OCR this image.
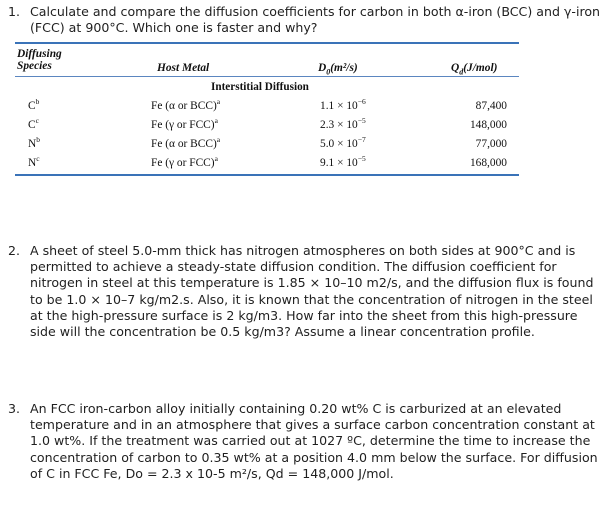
1. Calculate and compare the diffusion coefficients for carbon in both α-iron (BCC) and γ-iron (FCC) at 900°C. Which one is faster and why?
Diffusing
Species	Host Metal	$D_0(m^2/s)$	$Q_d(J/mol)$
Interstitial Diffusion
$C^b$	Fe (α or BCC)$^a$	$1.1 \times 10^{-6}$	87,400
$C^c$	Fe (γ or FCC)$^a$	$2.3 \times 10^{-5}$	148,000
$N^b$	Fe (α or BCC)$^a$	$5.0 \times 10^{-7}$	77,000
$N^c$	Fe (γ or FCC)$^a$	$9.1 \times 10^{-5}$	168,000
2. A sheet of steel 5.0-mm thick has nitrogen atmospheres on both sides at 900°C and is permitted to achieve a steady-state diffusion condition. The diffusion coefficient for nitrogen in steel at this temperature is 1.85 × 10–10 m2/s, and the diffusion flux is found to be 1.0 × 10–7 kg/m2.s. Also, it is known that the concentration of nitrogen in the steel at the high-pressure surface is 2 kg/m3. How far into the sheet from this high-pressure side will the concentration be 0.5 kg/m3? Assume a linear concentration profile.
3. An FCC iron-carbon alloy initially containing 0.20 wt% C is carburized at an elevated temperature and in an atmosphere that gives a surface carbon concentration constant at 1.0 wt%. If the treatment was carried out at 1027 ºC, determine the time to increase the concentration of carbon to 0.35 wt% at a position 4.0 mm below the surface. For diffusion of C in FCC Fe, Do = 2.3 x 10-5 m²/s, Qd = 148,000 J/mol.
